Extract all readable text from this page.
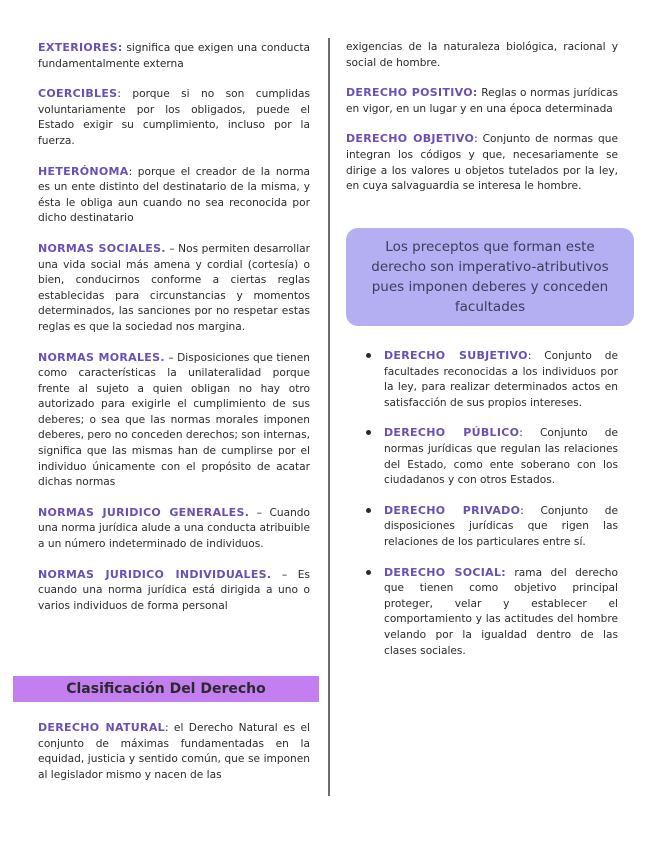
EXTERIORES: significa que exigen una conducta fundamentalmente externa

COERCIBLES: porque si no son cumplidas voluntariamente por los obligados, puede el Estado exigir su cumplimiento, incluso por la fuerza.

HETERÓNOMA: porque el creador de la norma es un ente distinto del destinatario de la misma, y ésta le obliga aun cuando no sea reconocida por dicho destinatario

NORMAS SOCIALES. – Nos permiten desarrollar una vida social más amena y cordial (cortesía) o bien, conducirnos conforme a ciertas reglas establecidas para circunstancias y momentos determinados, las sanciones por no respetar estas reglas es que la sociedad nos margina.

NORMAS MORALES. – Disposiciones que tienen como características la unilateralidad porque frente al sujeto a quien obligan no hay otro autorizado para exigirle el cumplimiento de sus deberes; o sea que las normas morales imponen deberes, pero no conceden derechos; son internas, significa que las mismas han de cumplirse por el individuo únicamente con el propósito de acatar dichas normas

NORMAS JURIDICO GENERALES. – Cuando una norma jurídica alude a una conducta atribuible a un número indeterminado de individuos.

NORMAS JURIDICO INDIVIDUALES. – Es cuando una norma jurídica está dirigida a uno o varios individuos de forma personal

Clasificación Del Derecho

DERECHO NATURAL: el Derecho Natural es el conjunto de máximas fundamentadas en la equidad, justicia y sentido común, que se imponen al legislador mismo y nacen de las

exigencias de la naturaleza biológica, racional y social de hombre.

DERECHO POSITIVO: Reglas o normas jurídicas en vigor, en un lugar y en una época determinada

DERECHO OBJETIVO: Conjunto de normas que integran los códigos y que, necesariamente se dirige a los valores u objetos tutelados por la ley, en cuya salvaguardia se interesa le hombre.

Los preceptos que forman este derecho son imperativo-atributivos pues imponen deberes y conceden facultades
DERECHO SUBJETIVO: Conjunto de facultades reconocidas a los individuos por la ley, para realizar determinados actos en satisfacción de sus propios intereses.
DERECHO PÚBLICO: Conjunto de normas jurídicas que regulan las relaciones del Estado, como ente soberano con los ciudadanos y con otros Estados.
DERECHO PRIVADO: Conjunto de disposiciones jurídicas que rigen las relaciones de los particulares entre sí.
DERECHO SOCIAL: rama del derecho que tienen como objetivo principal proteger, velar y establecer el comportamiento y las actitudes del hombre velando por la igualdad dentro de las clases sociales.
